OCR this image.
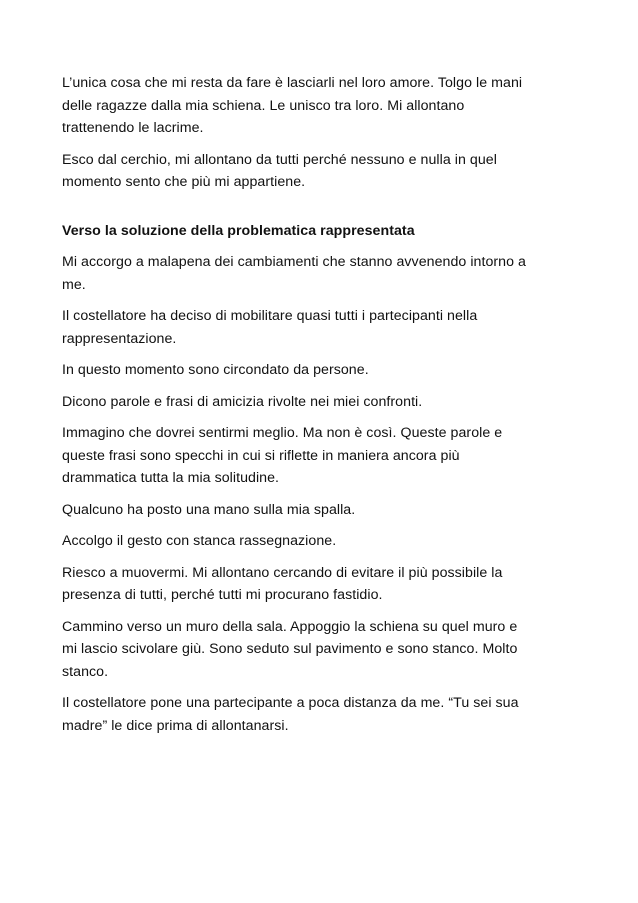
L’unica cosa che mi resta da fare è lasciarli nel loro amore. Tolgo le mani
delle ragazze dalla mia schiena. Le unisco tra loro. Mi allontano
trattenendo le lacrime.

Esco dal cerchio, mi allontano da tutti perché nessuno e nulla in quel
momento sento che più mi appartiene.

Verso la soluzione della problematica rappresentata

Mi accorgo a malapena dei cambiamenti che stanno avvenendo intorno a
me.

Il costellatore ha deciso di mobilitare quasi tutti i partecipanti nella
rappresentazione.

In questo momento sono circondato da persone.

Dicono parole e frasi di amicizia rivolte nei miei confronti.

Immagino che dovrei sentirmi meglio. Ma non è così. Queste parole e
queste frasi sono specchi in cui si riflette in maniera ancora più
drammatica tutta la mia solitudine.

Qualcuno ha posto una mano sulla mia spalla.

Accolgo il gesto con stanca rassegnazione.

Riesco a muovermi. Mi allontano cercando di evitare il più possibile la
presenza di tutti, perché tutti mi procurano fastidio.

Cammino verso un muro della sala. Appoggio la schiena su quel muro e
mi lascio scivolare giù. Sono seduto sul pavimento e sono stanco. Molto
stanco.

Il costellatore pone una partecipante a poca distanza da me. “Tu sei sua
madre” le dice prima di allontanarsi.
